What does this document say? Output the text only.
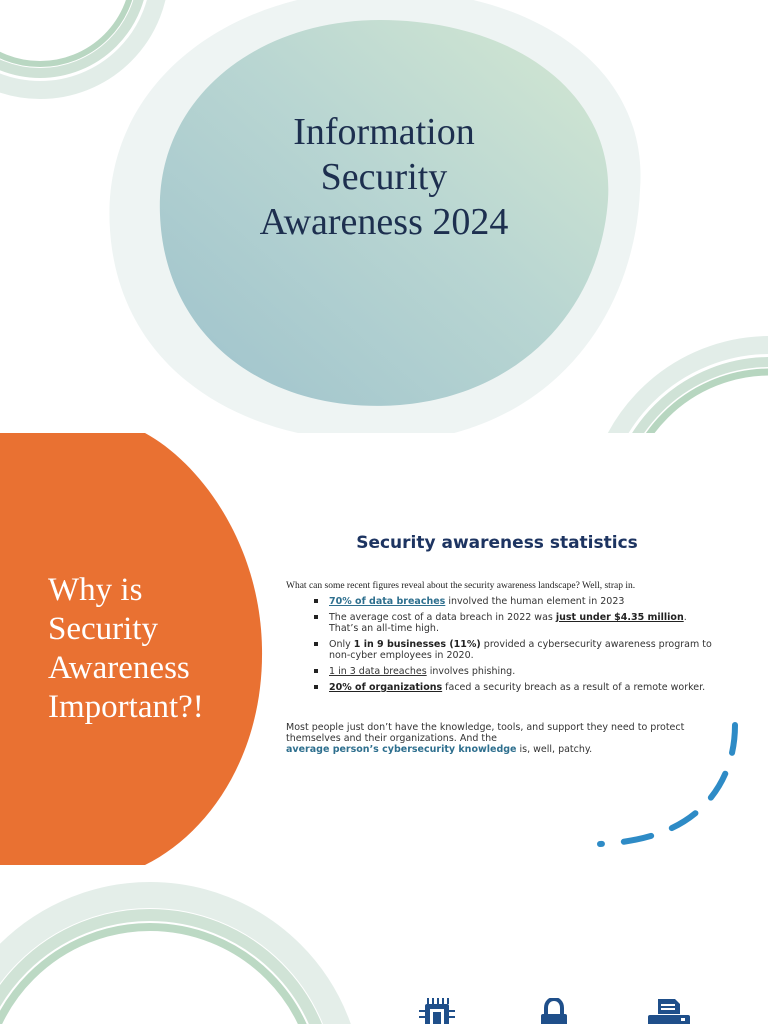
Information
Security
Awareness 2024
Why is
Security
Awareness
Important?!
Security awareness statistics

What can some recent figures reveal about the security awareness landscape? Well, strap in.

70% of data breaches involved the human element in 2023
The average cost of a data breach in 2022 was just under $4.35 million. That’s an all-time high.
Only 1 in 9 businesses (11%) provided a cybersecurity awareness program to non-cyber employees in 2020.
1 in 3 data breaches involves phishing.
20% of organizations faced a security breach as a result of a remote worker.

Most people just don’t have the knowledge, tools, and support they need to protect themselves and their organizations. And the
average person’s cybersecurity knowledge is, well, patchy.
